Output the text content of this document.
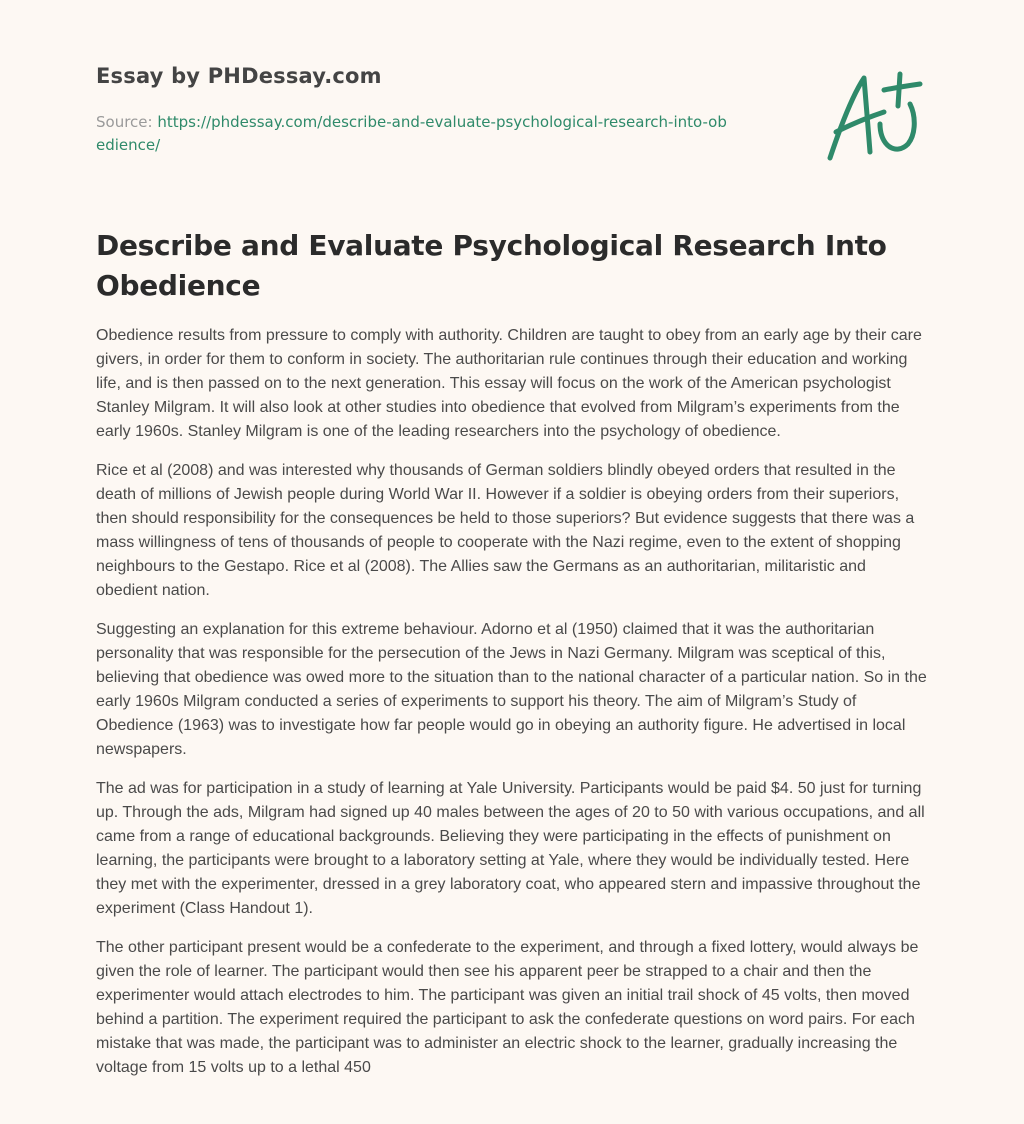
Essay by PHDessay.com
Source: https://phdessay.com/describe-and-evaluate-psychological-research-into-obedience/
Describe and Evaluate Psychological Research Into Obedience

Obedience results from pressure to comply with authority. Children are taught to obey from an early age by their care givers, in order for them to conform in society. The authoritarian rule continues through their education and working life, and is then passed on to the next generation. This essay will focus on the work of the American psychologist Stanley Milgram. It will also look at other studies into obedience that evolved from Milgram’s experiments from the early 1960s. Stanley Milgram is one of the leading researchers into the psychology of obedience.

Rice et al (2008) and was interested why thousands of German soldiers blindly obeyed orders that resulted in the death of millions of Jewish people during World War II. However if a soldier is obeying orders from their superiors, then should responsibility for the consequences be held to those superiors? But evidence suggests that there was a mass willingness of tens of thousands of people to cooperate with the Nazi regime, even to the extent of shopping neighbours to the Gestapo. Rice et al (2008). The Allies saw the Germans as an authoritarian, militaristic and obedient nation.

Suggesting an explanation for this extreme behaviour. Adorno et al (1950) claimed that it was the authoritarian personality that was responsible for the persecution of the Jews in Nazi Germany. Milgram was sceptical of this, believing that obedience was owed more to the situation than to the national character of a particular nation. So in the early 1960s Milgram conducted a series of experiments to support his theory. The aim of Milgram’s Study of Obedience (1963) was to investigate how far people would go in obeying an authority figure. He advertised in local newspapers.

The ad was for participation in a study of learning at Yale University. Participants would be paid $4. 50 just for turning up. Through the ads, Milgram had signed up 40 males between the ages of 20 to 50 with various occupations, and all came from a range of educational backgrounds. Believing they were participating in the effects of punishment on learning, the participants were brought to a laboratory setting at Yale, where they would be individually tested. Here they met with the experimenter, dressed in a grey laboratory coat, who appeared stern and impassive throughout the experiment (Class Handout 1).

The other participant present would be a confederate to the experiment, and through a fixed lottery, would always be given the role of learner. The participant would then see his apparent peer be strapped to a chair and then the experimenter would attach electrodes to him. The participant was given an initial trail shock of 45 volts, then moved behind a partition. The experiment required the participant to ask the confederate questions on word pairs. For each mistake that was made, the participant was to administer an electric shock to the learner, gradually increasing the voltage from 15 volts up to a lethal 450
